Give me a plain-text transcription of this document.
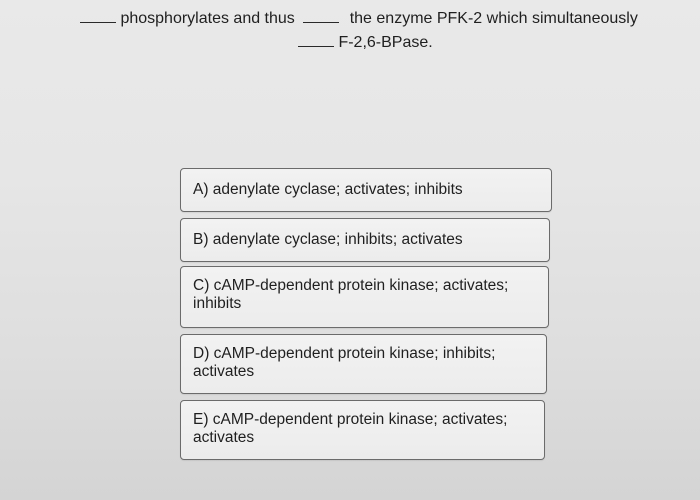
phosphorylates and thus	the enzyme PFK-2 which simultaneously
F-2,6-BPase.
A) adenylate cyclase; activates; inhibits
B) adenylate cyclase; inhibits; activates
C) cAMP-dependent protein kinase; activates; inhibits
D) cAMP-dependent protein kinase; inhibits; activates
E) cAMP-dependent protein kinase; activates; activates
